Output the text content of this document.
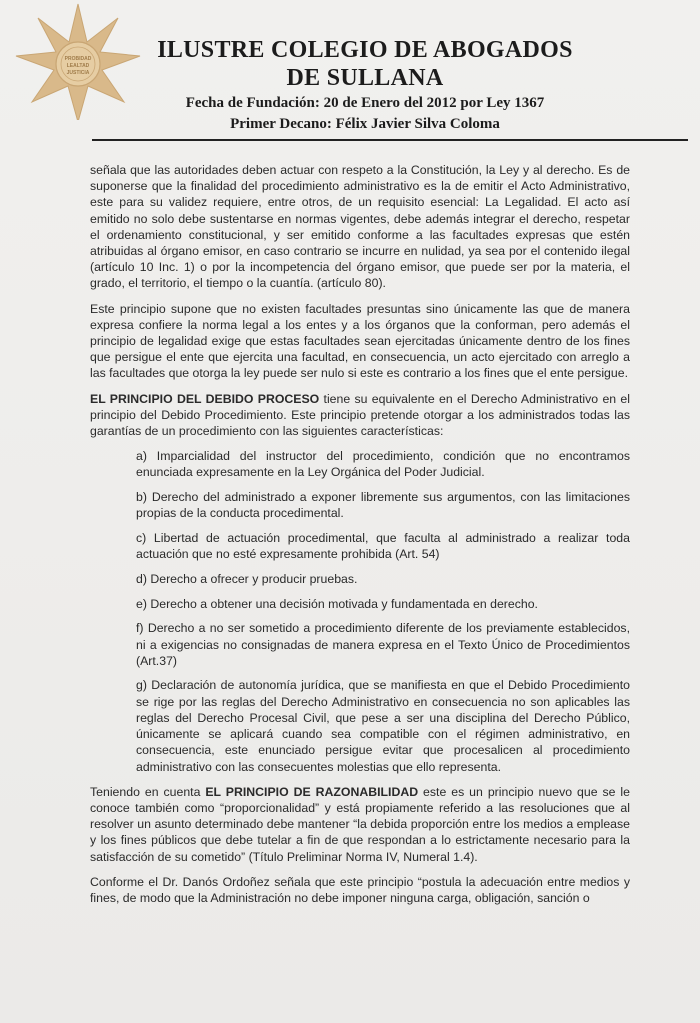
PROBIDAD
LEALTAD
JUSTICIA
ILUSTRE COLEGIO DE ABOGADOS DE SULLANA
Fecha de Fundación: 20 de Enero del 2012 por Ley 1367
Primer Decano: Félix Javier Silva Coloma

señala que las autoridades deben actuar con respeto a la Constitución, la Ley y al derecho. Es de suponerse que la finalidad del procedimiento administrativo es la de emitir el Acto Administrativo, este para su validez requiere, entre otros, de un requisito esencial: La Legalidad. El acto así emitido no solo debe sustentarse en normas vigentes, debe además integrar el derecho, respetar el ordenamiento constitucional, y ser emitido conforme a las facultades expresas que estén atribuidas al órgano emisor, en caso contrario se incurre en nulidad, ya sea por el contenido ilegal (artículo 10 Inc. 1) o por la incompetencia del órgano emisor, que puede ser por la materia, el grado, el territorio, el tiempo o la cuantía. (artículo 80).

Este principio supone que no existen facultades presuntas sino únicamente las que de manera expresa confiere la norma legal a los entes y a los órganos que la conforman, pero además el principio de legalidad exige que estas facultades sean ejercitadas únicamente dentro de los fines que persigue el ente que ejercita una facultad, en consecuencia, un acto ejercitado con arreglo a las facultades que otorga la ley puede ser nulo si este es contrario a los fines que el ente persigue.

EL PRINCIPIO DEL DEBIDO PROCESO tiene su equivalente en el Derecho Administrativo en el principio del Debido Procedimiento. Este principio pretende otorgar a los administrados todas las garantías de un procedimiento con las siguientes características:

a) Imparcialidad del instructor del procedimiento, condición que no encontramos enunciada expresamente en la Ley Orgánica del Poder Judicial.
b) Derecho del administrado a exponer libremente sus argumentos, con las limitaciones propias de la conducta procedimental.
c) Libertad de actuación procedimental, que faculta al administrado a realizar toda actuación que no esté expresamente prohibida (Art. 54)
d) Derecho a ofrecer y producir pruebas.
e) Derecho a obtener una decisión motivada y fundamentada en derecho.
f) Derecho a no ser sometido a procedimiento diferente de los previamente establecidos, ni a exigencias no consignadas de manera expresa en el Texto Único de Procedimientos (Art.37)
g) Declaración de autonomía jurídica, que se manifiesta en que el Debido Procedimiento se rige por las reglas del Derecho Administrativo en consecuencia no son aplicables las reglas del Derecho Procesal Civil, que pese a ser una disciplina del Derecho Público, únicamente se aplicará cuando sea compatible con el régimen administrativo, en consecuencia, este enunciado persigue evitar que procesalicen al procedimiento administrativo con las consecuentes molestias que ello representa.

Teniendo en cuenta EL PRINCIPIO DE RAZONABILIDAD este es un principio nuevo que se le conoce también como “proporcionalidad” y está propiamente referido a las resoluciones que al resolver un asunto determinado debe mantener “la debida proporción entre los medios a emplease y los fines públicos que debe tutelar a fin de que respondan a lo estrictamente necesario para la satisfacción de su cometido” (Título Preliminar Norma IV, Numeral 1.4).

Conforme el Dr. Danós Ordoñez señala que este principio “postula la adecuación entre medios y fines, de modo que la Administración no debe imponer ninguna carga, obligación, sanción o
